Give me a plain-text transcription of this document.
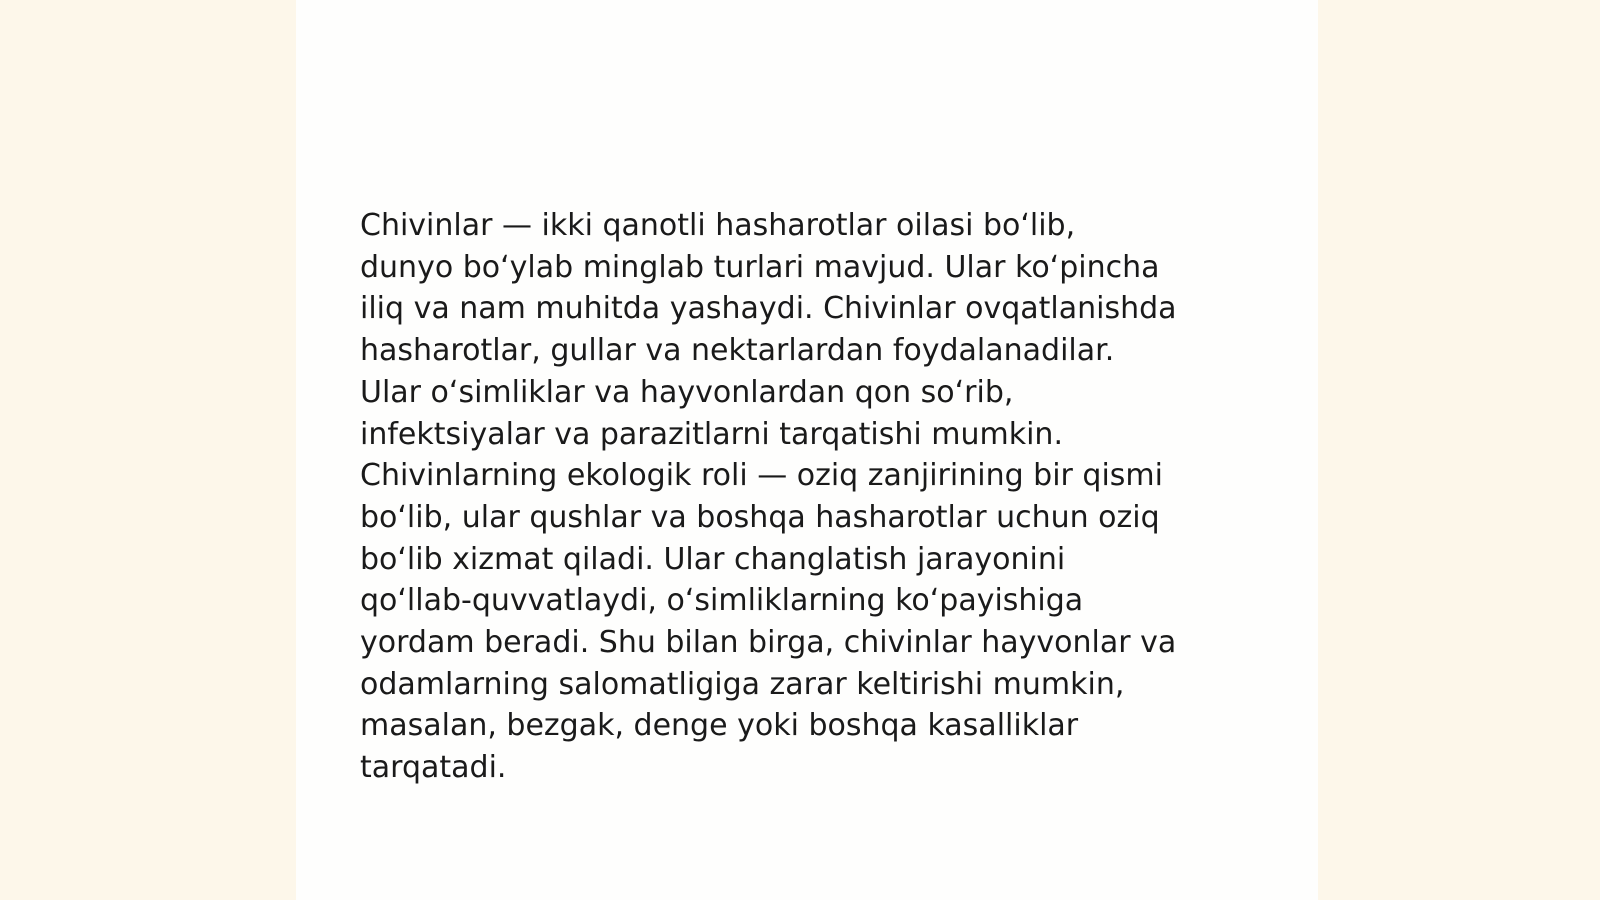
Chivinlar — ikki qanotli hasharotlar oilasi bo‘lib,
dunyo bo‘ylab minglab turlari mavjud. Ular ko‘pincha
iliq va nam muhitda yashaydi. Chivinlar ovqatlanishda
hasharotlar, gullar va nektarlardan foydalanadilar.
Ular o‘simliklar va hayvonlardan qon so‘rib,
infektsiyalar va parazitlarni tarqatishi mumkin.
Chivinlarning ekologik roli — oziq zanjirining bir qismi
bo‘lib, ular qushlar va boshqa hasharotlar uchun oziq
bo‘lib xizmat qiladi. Ular changlatish jarayonini
qo‘llab-quvvatlaydi, o‘simliklarning ko‘payishiga
yordam beradi. Shu bilan birga, chivinlar hayvonlar va
odamlarning salomatligiga zarar keltirishi mumkin,
masalan, bezgak, denge yoki boshqa kasalliklar
tarqatadi.
